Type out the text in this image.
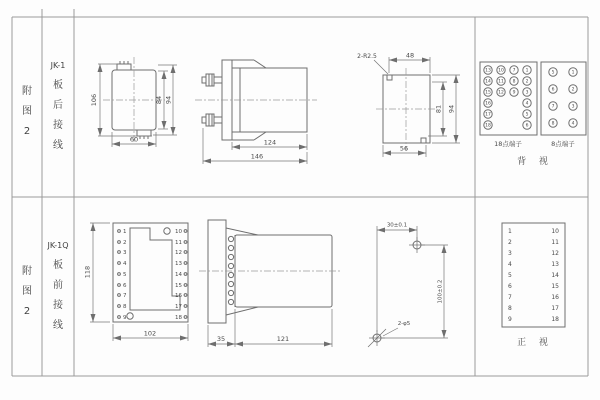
附
图
2
JK-1
板
后
接
线
附
图
2
JK-1Q
板
前
接
线
106	84 94
60	124
146
2-R2.5	48
81 94
56
13 10 7 1
14 11 8 2
15 12 9 3
16	4
17	5
18	6
18点端子
5	1
6	2
7	3
8	4
8点端子
背 视
1
2
3
4
5
6
7
8
9
10
11
12
13
14
15
16
17
18
118
102
35	121
30±0.1
100±0.2
2-φ5
1
2
3
4
5
6
7
8
9
10
11
12
13
14
15
16
17
18
正 视
